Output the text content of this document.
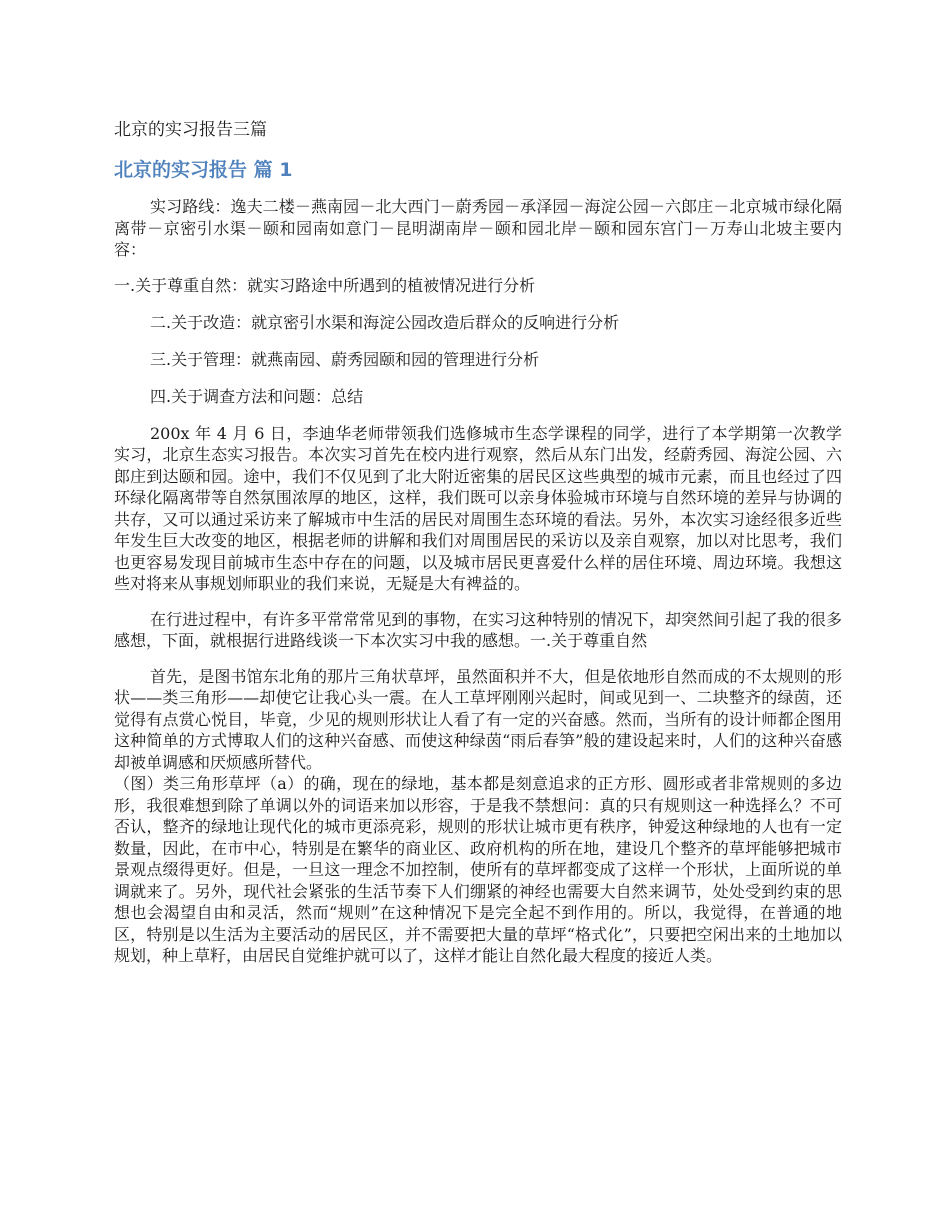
北京的实习报告三篇
北京的实习报告 篇 1

实习路线：逸夫二楼－燕南园－北大西门－蔚秀园－承泽园－海淀公园－六郎庄－北京城市绿化隔离带－京密引水渠－颐和园南如意门－昆明湖南岸－颐和园北岸－颐和园东宫门－万寿山北坡主要内容：

一.关于尊重自然：就实习路途中所遇到的植被情况进行分析
二.关于改造：就京密引水渠和海淀公园改造后群众的反响进行分析
三.关于管理：就燕南园、蔚秀园颐和园的管理进行分析
四.关于调查方法和问题：总结

200x 年 4 月 6 日，李迪华老师带领我们选修城市生态学课程的同学，进行了本学期第一次教学实习，北京生态实习报告。本次实习首先在校内进行观察，然后从东门出发，经蔚秀园、海淀公园、六郎庄到达颐和园。途中，我们不仅见到了北大附近密集的居民区这些典型的城市元素，而且也经过了四环绿化隔离带等自然氛围浓厚的地区，这样，我们既可以亲身体验城市环境与自然环境的差异与协调的共存，又可以通过采访来了解城市中生活的居民对周围生态环境的看法。另外，本次实习途经很多近些年发生巨大改变的地区，根据老师的讲解和我们对周围居民的采访以及亲自观察，加以对比思考，我们也更容易发现目前城市生态中存在的问题，以及城市居民更喜爱什么样的居住环境、周边环境。我想这些对将来从事规划师职业的我们来说，无疑是大有裨益的。

在行进过程中，有许多平常常常见到的事物，在实习这种特别的情况下，却突然间引起了我的很多感想，下面，就根据行进路线谈一下本次实习中我的感想。一.关于尊重自然

首先，是图书馆东北角的那片三角状草坪，虽然面积并不大，但是依地形自然而成的不太规则的形状——类三角形——却使它让我心头一震。在人工草坪刚刚兴起时，间或见到一、二块整齐的绿茵，还觉得有点赏心悦目，毕竟，少见的规则形状让人看了有一定的兴奋感。然而，当所有的设计师都企图用这种简单的方式博取人们的这种兴奋感、而使这种绿茵“雨后春笋”般的建设起来时，人们的这种兴奋感却被单调感和厌烦感所替代。

（图）类三角形草坪（a）的确，现在的绿地，基本都是刻意追求的正方形、圆形或者非常规则的多边形，我很难想到除了单调以外的词语来加以形容，于是我不禁想问：真的只有规则这一种选择么？不可否认，整齐的绿地让现代化的城市更添亮彩，规则的形状让城市更有秩序，钟爱这种绿地的人也有一定数量，因此，在市中心，特别是在繁华的商业区、政府机构的所在地，建设几个整齐的草坪能够把城市景观点缀得更好。但是，一旦这一理念不加控制，使所有的草坪都变成了这样一个形状，上面所说的单调就来了。另外，现代社会紧张的生活节奏下人们绷紧的神经也需要大自然来调节，处处受到约束的思想也会渴望自由和灵活，然而“规则”在这种情况下是完全起不到作用的。所以，我觉得，在普通的地区，特别是以生活为主要活动的居民区，并不需要把大量的草坪“格式化”，只要把空闲出来的土地加以规划，种上草籽，由居民自觉维护就可以了，这样才能让自然化最大程度的接近人类。
